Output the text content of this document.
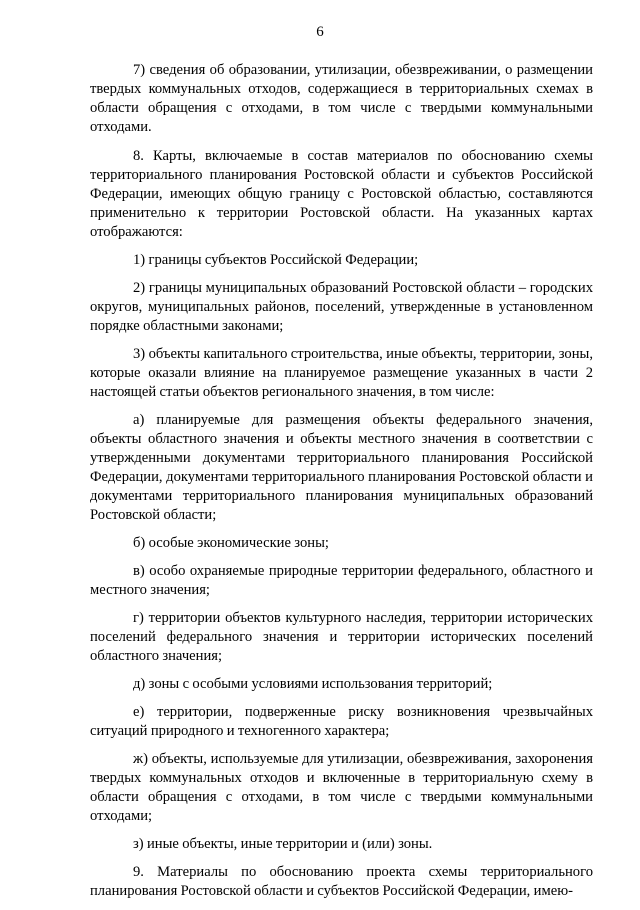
6

7) сведения об образовании, утилизации, обезвреживании, о размещении твердых коммунальных отходов, содержащиеся в территориальных схемах в области обращения с отходами, в том числе с твердыми коммунальными отходами.

8. Карты, включаемые в состав материалов по обоснованию схемы территориального планирования Ростовской области и субъектов Российской Федерации, имеющих общую границу с Ростовской областью, составляются применительно к территории Ростовской области. На указанных картах отображаются:

1) границы субъектов Российской Федерации;

2) границы муниципальных образований Ростовской области – городских округов, муниципальных районов, поселений, утвержденные в установленном порядке областными законами;

3) объекты капитального строительства, иные объекты, территории, зоны, которые оказали влияние на планируемое размещение указанных в части 2 настоящей статьи объектов регионального значения, в том числе:

а) планируемые для размещения объекты федерального значения, объекты областного значения и объекты местного значения в соответствии с утвержденными документами территориального планирования Российской Федерации, документами территориального планирования Ростовской области и документами территориального планирования муниципальных образований Ростовской области;

б) особые экономические зоны;

в) особо охраняемые природные территории федерального, областного и местного значения;

г) территории объектов культурного наследия, территории исторических поселений федерального значения и территории исторических поселений областного значения;

д) зоны с особыми условиями использования территорий;

е) территории, подверженные риску возникновения чрезвычайных ситуаций природного и техногенного характера;

ж) объекты, используемые для утилизации, обезвреживания, захоронения твердых коммунальных отходов и включенные в территориальную схему в области обращения с отходами, в том числе с твердыми коммунальными отходами;

з) иные объекты, иные территории и (или) зоны.

9. Материалы по обоснованию проекта схемы территориального планирования Ростовской области и субъектов Российской Федерации, имею-
